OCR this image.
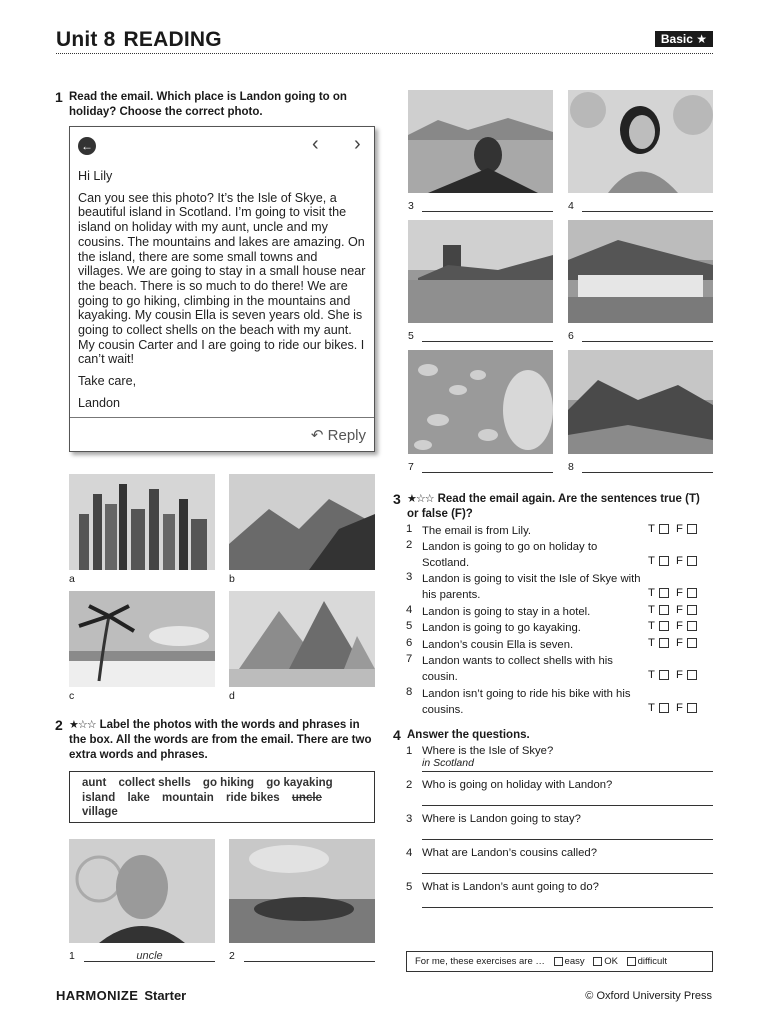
Unit 8 READING	Basic ★
1 Read the email. Which place is Landon going to on holiday? Choose the correct photo.
←	‹ ›

Hi Lily

Can you see this photo? It’s the Isle of Skye, a beautiful island in Scotland. I’m going to visit the island on holiday with my aunt, uncle and my cousins. The mountains and lakes are amazing. On the island, there are some small towns and villages. We are going to stay in a small house near the beach. There is so much to do there! We are going to go hiking, climbing in the mountains and kayaking. My cousin Ella is seven years old. She is going to collect shells on the beach with my aunt. My cousin Carter and I are going to ride our bikes. I can’t wait!

Take care,

Landon

↶ Reply
a	b
c	d
2 ★☆☆ Label the photos with the words and phrases in the box. All the words are from the email. There are two extra words and phrases.
aunt collect shells go hiking go kayaking
island lake mountain ride bikes uncle
village
1	uncle	2
3	4
5	6
7	8
3 ★☆☆ Read the email again. Are the sentences true (T) or false (F)?
1 The email is from Lily.	T F
2 Landon is going to go on holiday to Scotland.	T F
3 Landon is going to visit the Isle of Skye with his parents.	T F
4 Landon is going to stay in a hotel.	T F
5 Landon is going to go kayaking.	T F
6 Landon’s cousin Ella is seven.	T F
7 Landon wants to collect shells with his cousin.	T F
8 Landon isn’t going to ride his bike with his cousins.	T F
4 Answer the questions.
1 Where is the Isle of Skye?
in Scotland
2 Who is going on holiday with Landon?
3 Where is Landon going to stay?
4 What are Landon’s cousins called?
5 What is Landon’s aunt going to do?
For me, these exercises are … easy OK difficult
HARMONIZE Starter	© Oxford University Press
